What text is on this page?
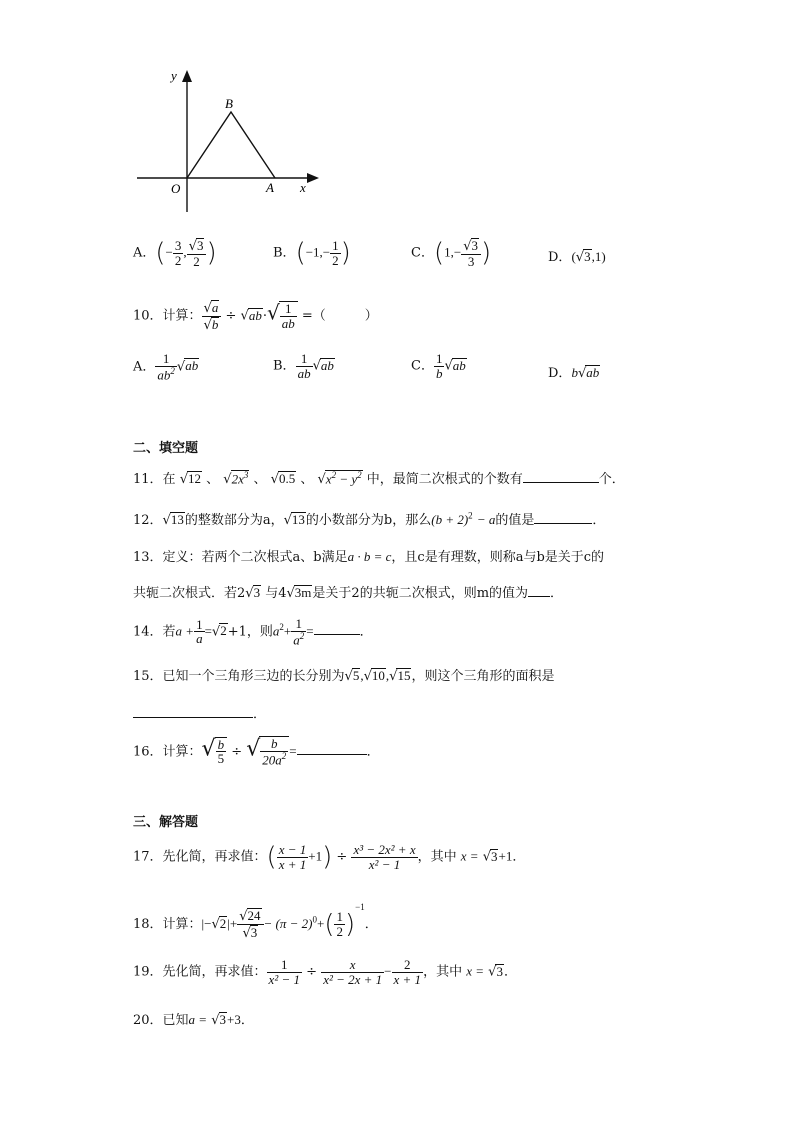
y
B
O	A x
A．(− $\frac{3}{2}$ , $\frac{√3}{2}$ )	B．($-1,- \frac{1}{2}$ )	C．($1,- \frac{√3}{3}$ )	D．(√3,1)
10．计算： $\frac{√a}{√b} \div √ab\cdot√ \frac{1}{ab}$ =（　　　）
A． $\frac{1}{ab^2} √ab$	B． $\frac{1}{ab} √ab$	C． $\frac{1}{b} √ab$
D．b√ab
二、填空题
11．在 √12 、 $√2x^3$ 、 √0.5 、 $√x^2 - y^2$ 中，最简二次根式的个数有	个．
12．√13的整数部分为a，√13的小数部分为b，那么$(b + 2)^2 - a$的值是	．
13．定义：若两个二次根式a、b满足a · b = c，且c是有理数，则称a与b是关于c的
共轭二次根式．若2√3 与4√3m是关于2的共轭二次根式，则m的值为 ．
14．若$a + \frac{1}{a} =√2+1$，则$a^2+ \frac{1}{a^2}$ =	．
15．已知一个三角形三边的长分别为√5,√10,√15，则这个三角形的面积是
．
16．计算：√ $\frac{b}{5}$ ÷ √ $\frac{b}{20a^2}$ =	．
三、解答题
17．先化简，再求值：( $\frac{x - 1}{x + 1} +1) \div \frac{\text{x³ − 2x² + x}}{\text{x² − 1}}$ ，其中 x = √3+1．
18．计算：$|-√2|+ \frac{√24}{√3} - (\pi - 2)^0+( \frac{1}{2} )^{-1}$．
19．先化简，再求值： $\frac{1}{\text{x² − 1}} \div \frac{x}{\text{x² − 2x + 1}} - \frac{2}{x + 1}$ ，其中 x = √3．
20．已知a = √3+3．
